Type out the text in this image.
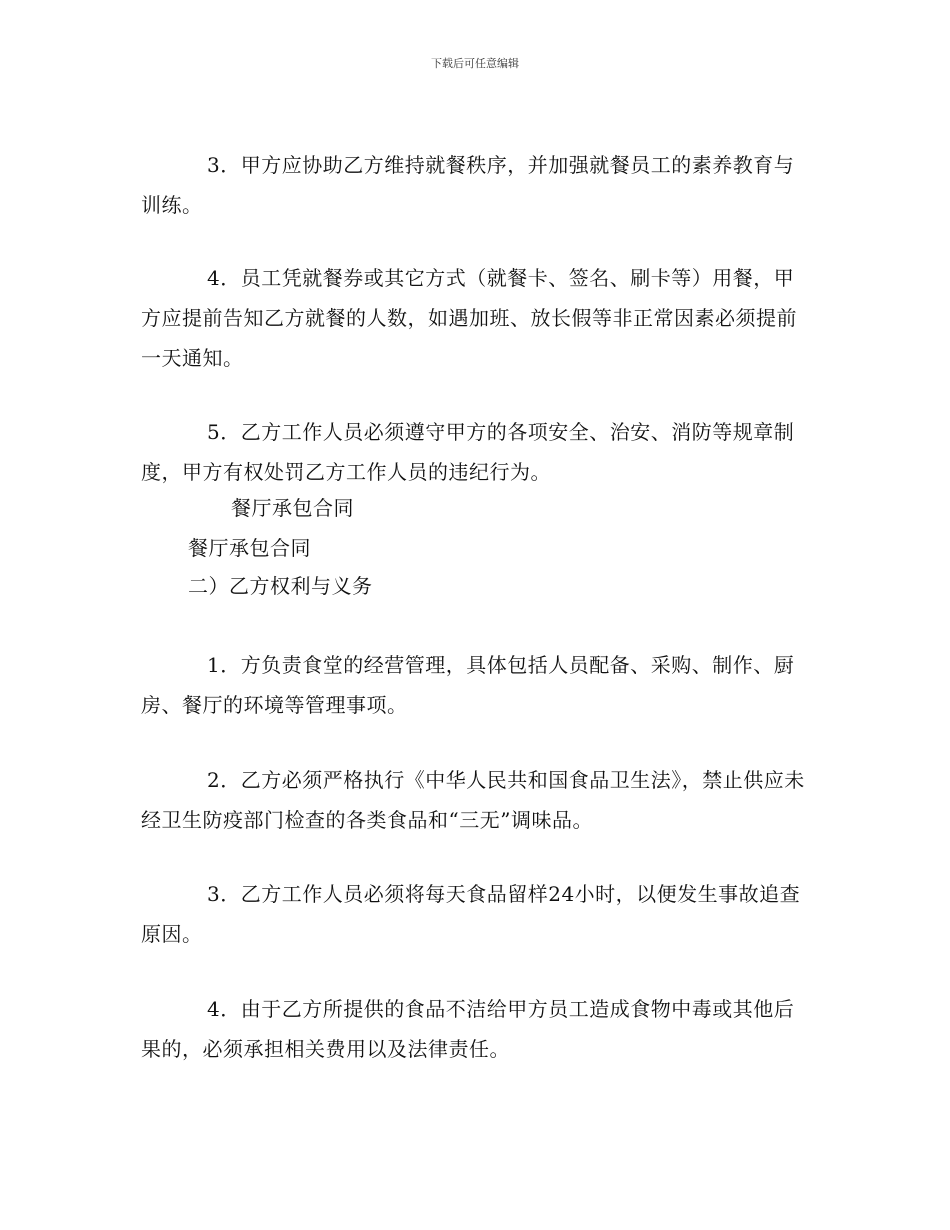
下载后可任意编辑

3．甲方应协助乙方维持就餐秩序，并加强就餐员工的素养教育与训练。

4．员工凭就餐券或其它方式（就餐卡、签名、刷卡等）用餐，甲方应提前告知乙方就餐的人数，如遇加班、放长假等非正常因素必须提前一天通知。

5．乙方工作人员必须遵守甲方的各项安全、治安、消防等规章制度，甲方有权处罚乙方工作人员的违纪行为。

餐厅承包合同

餐厅承包合同

二）乙方权利与义务

1．方负责食堂的经营管理，具体包括人员配备、采购、制作、厨房、餐厅的环境等管理事项。

2．乙方必须严格执行《中华人民共和国食品卫生法》，禁止供应未经卫生防疫部门检查的各类食品和“三无”调味品。

3．乙方工作人员必须将每天食品留样24小时，以便发生事故追查原因。

4．由于乙方所提供的食品不洁给甲方员工造成食物中毒或其他后果的，必须承担相关费用以及法律责任。
